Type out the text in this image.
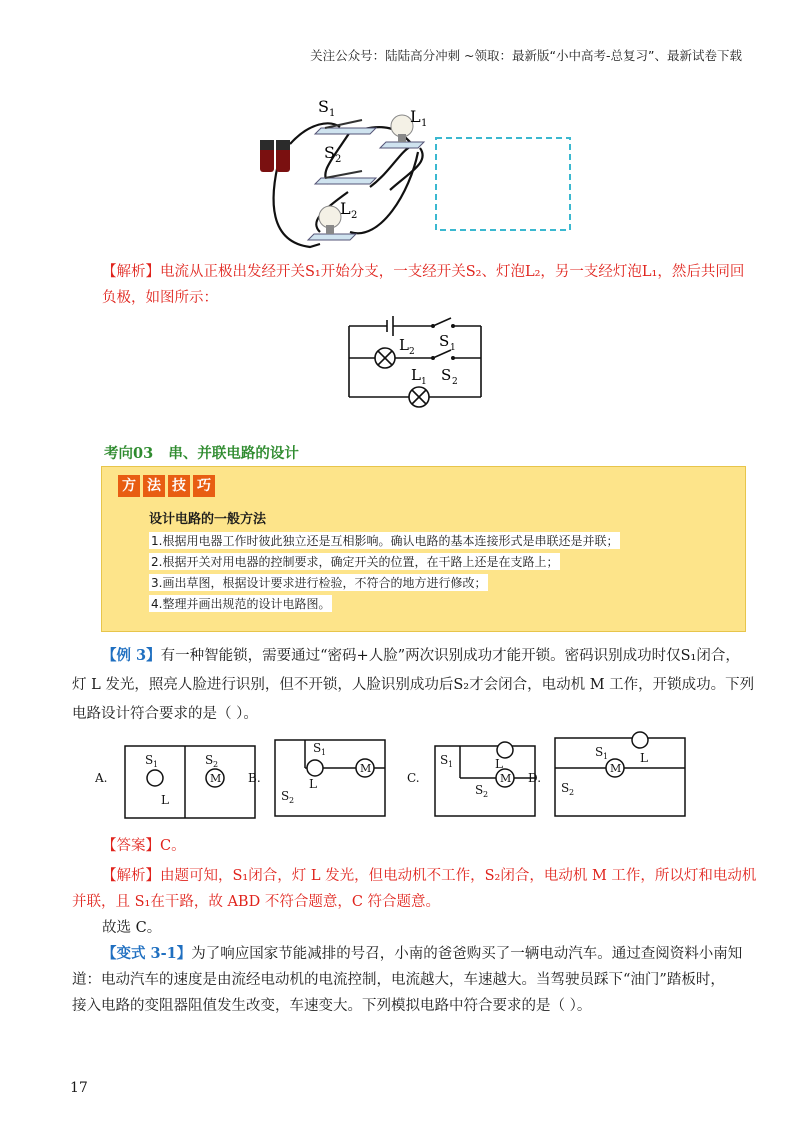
关注公众号：陆陆高分冲刺 ~领取：最新版“小中高考-总复习”、最新试卷下载
S 1
S 2
L 1
L 2
【解析】电流从正极出发经开关S₁开始分支，一支经开关S₂、灯泡L₂，另一支经灯泡L₁，然后共同回
负极，如图所示：
L 2
S 1
L 1 S 2
考向03 串、并联电路的设计
方 法 技 巧
设计电路的一般方法
1.根据用电器工作时彼此独立还是互相影响。确认电路的基本连接形式是串联还是并联；
2.根据开关对用电器的控制要求，确定开关的位置，在干路上还是在支路上；
3.画出草图，根据设计要求进行检验，不符合的地方进行修改；
4.整理并画出规范的设计电路图。
【例 3】有一种智能锁，需要通过“密码+人脸”两次识别成功才能开锁。密码识别成功时仅S₁闭合，
灯 L 发光，照亮人脸进行识别，但不开锁，人脸识别成功后S₂才会闭合，电动机 M 工作，开锁成功。下列
电路设计符合要求的是（ ）。
A.	B.	C.	D.
M
M
M
M
L
L
L	L
S 1	S 2
S 1
S 2
S 1
S 2
S 1
S 2
【答案】C。
【解析】由题可知，S₁闭合，灯 L 发光，但电动机不工作，S₂闭合，电动机 M 工作，所以灯和电动机
并联，且 S₁在干路，故 ABD 不符合题意，C 符合题意。
故选 C。
【变式 3-1】为了响应国家节能减排的号召，小南的爸爸购买了一辆电动汽车。通过查阅资料小南知
道：电动汽车的速度是由流经电动机的电流控制，电流越大，车速越大。当驾驶员踩下“油门”踏板时，
接入电路的变阻器阻值发生改变，车速变大。下列模拟电路中符合要求的是（ ）。
17
